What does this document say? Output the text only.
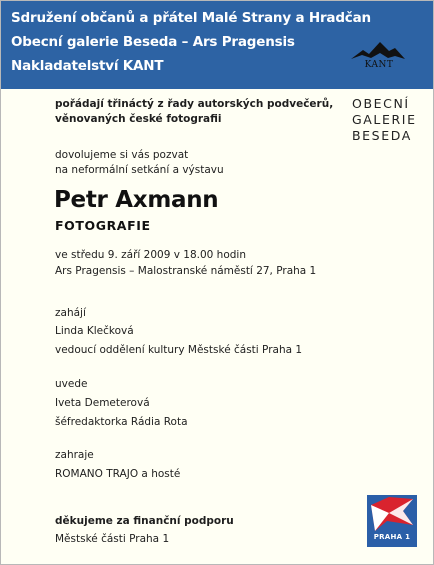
Sdružení občanů a přátel Malé Strany a Hradčan
Obecní galerie Beseda – Ars Pragensis
Nakladatelství KANT	KANT
OBECNÍ
GALERIE
BESEDA
pořádají třináctý z řady autorských podvečerů,
věnovaných české fotografii
dovolujeme si vás pozvat
na neformální setkání a výstavu
Petr Axmann
FOTOGRAFIE
ve středu 9. září 2009 v 18.00 hodin
Ars Pragensis – Malostranské náměstí 27, Praha 1
zahájí
Linda Klečková
vedoucí oddělení kultury Městské části Praha 1
uvede
Iveta Demeterová
šéfredaktorka Rádia Rota
zahraje
ROMANO TRAJO a hosté
děkujeme za finanční podporu
Městské části Praha 1	PRAHA 1
